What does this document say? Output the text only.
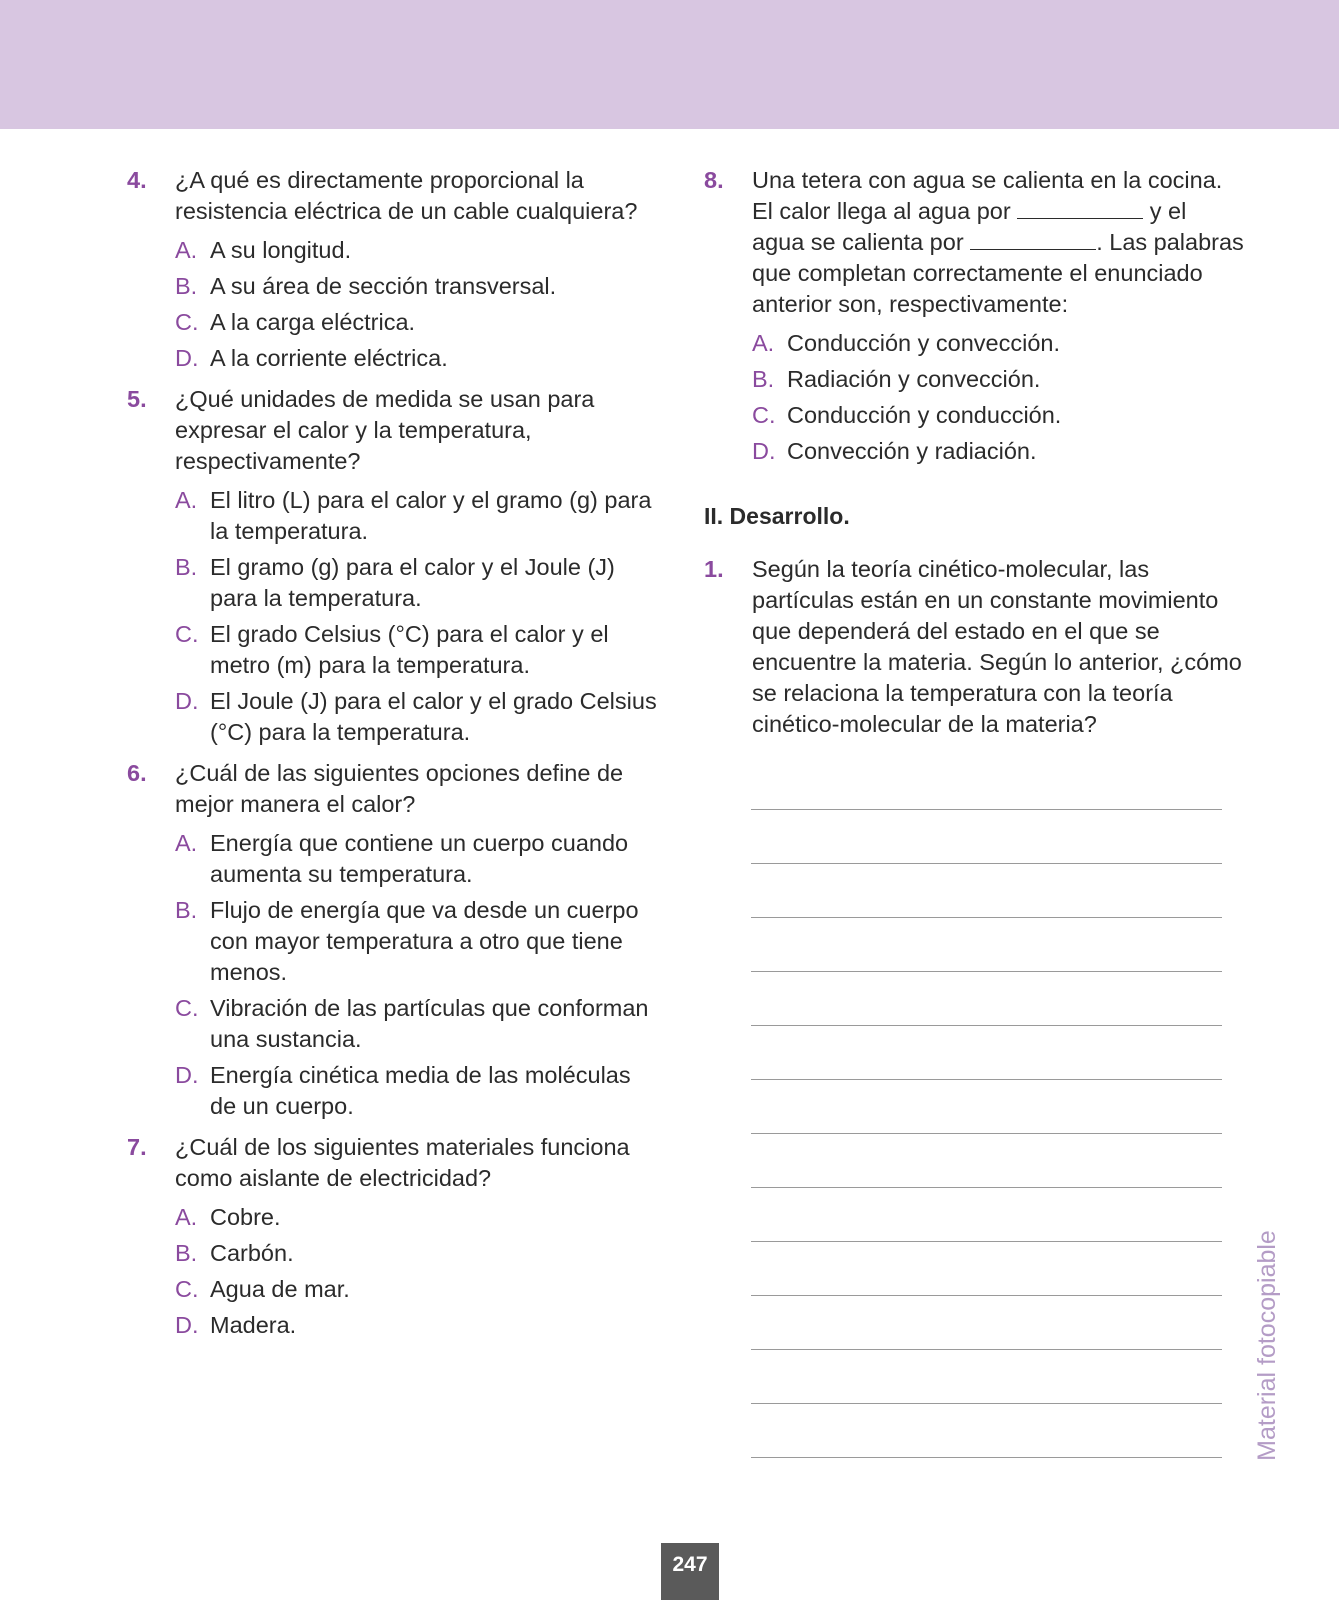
4. ¿A qué es directamente proporcional la resistencia eléctrica de un cable cualquiera?
A. A su longitud.
B. A su área de sección transversal.
C. A la carga eléctrica.
D. A la corriente eléctrica.
5. ¿Qué unidades de medida se usan para expresar el calor y la temperatura, respectivamente?
A. El litro (L) para el calor y el gramo (g) para la temperatura.
B. El gramo (g) para el calor y el Joule (J) para la temperatura.
C. El grado Celsius (°C) para el calor y el metro (m) para la temperatura.
D. El Joule (J) para el calor y el grado Celsius (°C) para la temperatura.
6. ¿Cuál de las siguientes opciones define de mejor manera el calor?
A. Energía que contiene un cuerpo cuando aumenta su temperatura.
B. Flujo de energía que va desde un cuerpo con mayor temperatura a otro que tiene menos.
C. Vibración de las partículas que conforman una sustancia.
D. Energía cinética media de las moléculas de un cuerpo.
7. ¿Cuál de los siguientes materiales funciona como aislante de electricidad?
A. Cobre.
B. Carbón.
C. Agua de mar.
D. Madera.
8. Una tetera con agua se calienta en la cocina. El calor llega al agua por	y el agua se calienta por	. Las palabras que completan correctamente el enunciado anterior son, respectivamente:
A. Conducción y convección.
B. Radiación y convección.
C. Conducción y conducción.
D. Convección y radiación.
II. Desarrollo.
1. Según la teoría cinético-molecular, las partículas están en un constante movimiento que dependerá del estado en el que se encuentre la materia. Según lo anterior, ¿cómo se relaciona la temperatura con la teoría cinético-molecular de la materia?
Material fotocopiable
247
